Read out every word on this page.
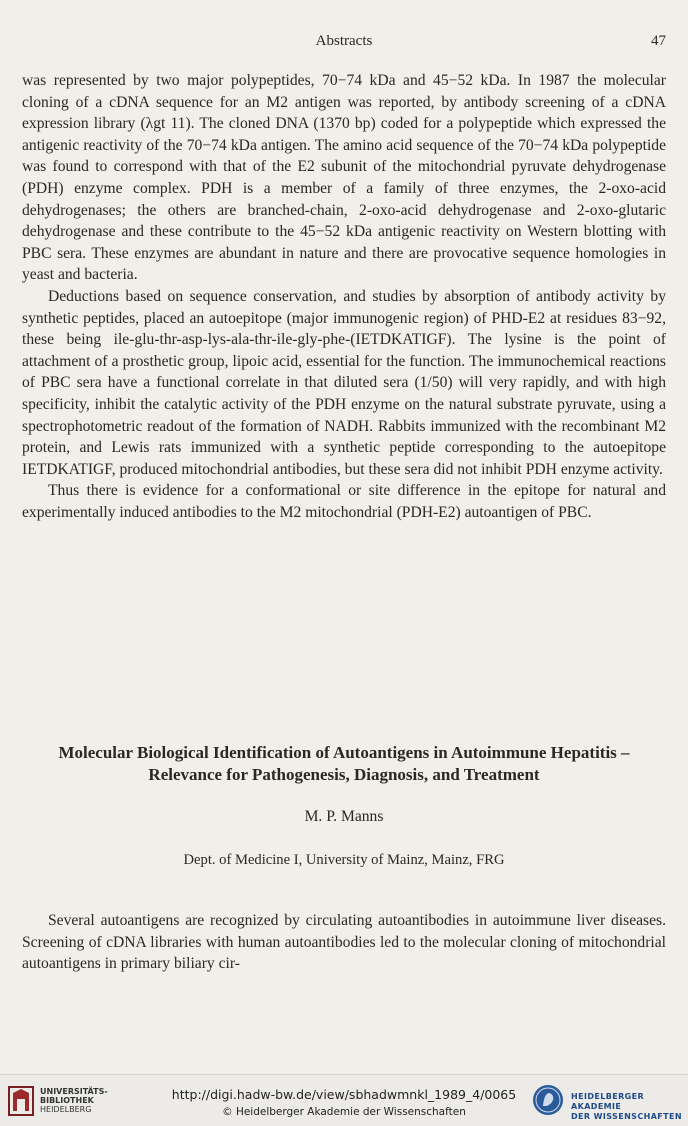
Abstracts	47

was represented by two major polypeptides, 70−74 kDa and 45−52 kDa. In 1987 the molecular cloning of a cDNA sequence for an M2 antigen was reported, by antibody screening of a cDNA expression library (λgt 11). The cloned DNA (1370 bp) coded for a polypeptide which expressed the antigenic reactivity of the 70−74 kDa antigen. The amino acid sequence of the 70−74 kDa polypeptide was found to correspond with that of the E2 subunit of the mitochondrial pyruvate dehydrogenase (PDH) enzyme complex. PDH is a member of a family of three enzymes, the 2-oxo-acid dehydrogenases; the others are branched-chain, 2-oxo-acid dehydrogenase and 2-oxo-glutaric dehydrogenase and these contribute to the 45−52 kDa antigenic reactivity on Western blotting with PBC sera. These enzymes are abundant in nature and there are provocative sequence homologies in yeast and bacteria.

Deductions based on sequence conservation, and studies by absorption of antibody activity by synthetic peptides, placed an autoepitope (major immunogenic region) of PHD-E2 at residues 83−92, these being ile-glu-thr-asp-lys-ala-thr-ile-gly-phe-(IETDKATIGF). The lysine is the point of attachment of a prosthetic group, lipoic acid, essential for the function. The immunochemical reactions of PBC sera have a functional correlate in that diluted sera (1/50) will very rapidly, and with high specificity, inhibit the catalytic activity of the PDH enzyme on the natural substrate pyruvate, using a spectrophotometric readout of the formation of NADH. Rabbits immunized with the recombinant M2 protein, and Lewis rats immunized with a synthetic peptide corresponding to the autoepitope IETDKATIGF, produced mitochondrial antibodies, but these sera did not inhibit PDH enzyme activity.

Thus there is evidence for a conformational or site difference in the epitope for natural and experimentally induced antibodies to the M2 mitochondrial (PDH-E2) autoantigen of PBC.

Molecular Biological Identification of Autoantigens in Autoimmune Hepatitis – Relevance for Pathogenesis, Diagnosis, and Treatment
M. P. Manns
Dept. of Medicine I, University of Mainz, Mainz, FRG

Several autoantigens are recognized by circulating autoantibodies in autoimmune liver diseases. Screening of cDNA libraries with human autoantibodies led to the molecular cloning of mitochondrial autoantigens in primary biliary cir-

UNIVERSITÄTS-
BIBLIOTHEK
HEIDELBERG
http://digi.hadw-bw.de/view/sbhadwmnkl_1989_4/0065
© Heidelberger Akademie der Wissenschaften
HEIDELBERGER AKADEMIE
DER WISSENSCHAFTEN
